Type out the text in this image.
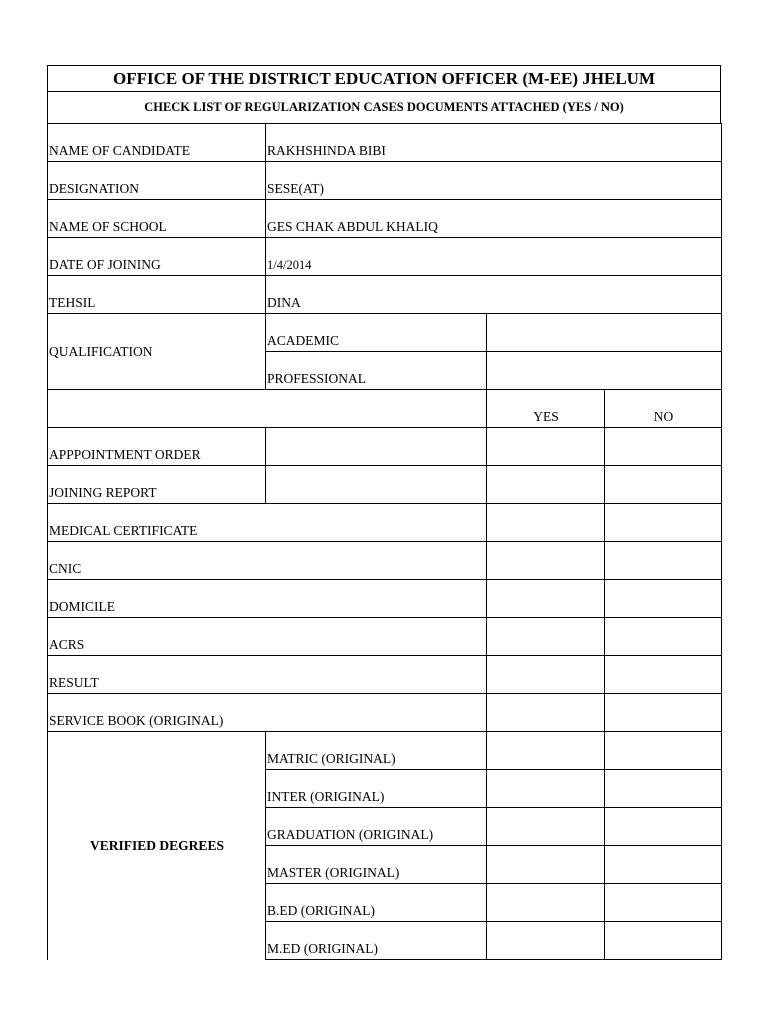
OFFICE OF THE DISTRICT EDUCATION OFFICER (M-EE) JHELUM
CHECK LIST OF REGULARIZATION CASES DOCUMENTS ATTACHED (YES / NO)
NAME OF CANDIDATE	RAKHSHINDA BIBI		
DESIGNATION	SESE(AT)		
NAME OF SCHOOL	GES CHAK ABDUL KHALIQ		
DATE OF JOINING	1/4/2014		
TEHSIL	DINA		
QUALIFICATION	ACADEMIC		
	PROFESSIONAL		
		YES	NO
APPPOINTMENT ORDER			
JOINING REPORT			
MEDICAL CERTIFICATE			
CNIC			
DOMICILE			
ACRS			
RESULT			
SERVICE BOOK (ORIGINAL)			
VERIFIED DEGREES	MATRIC (ORIGINAL)		
	INTER (ORIGINAL)		
	GRADUATION (ORIGINAL)		
	MASTER (ORIGINAL)		
	B.ED (ORIGINAL)		
	M.ED (ORIGINAL)		
